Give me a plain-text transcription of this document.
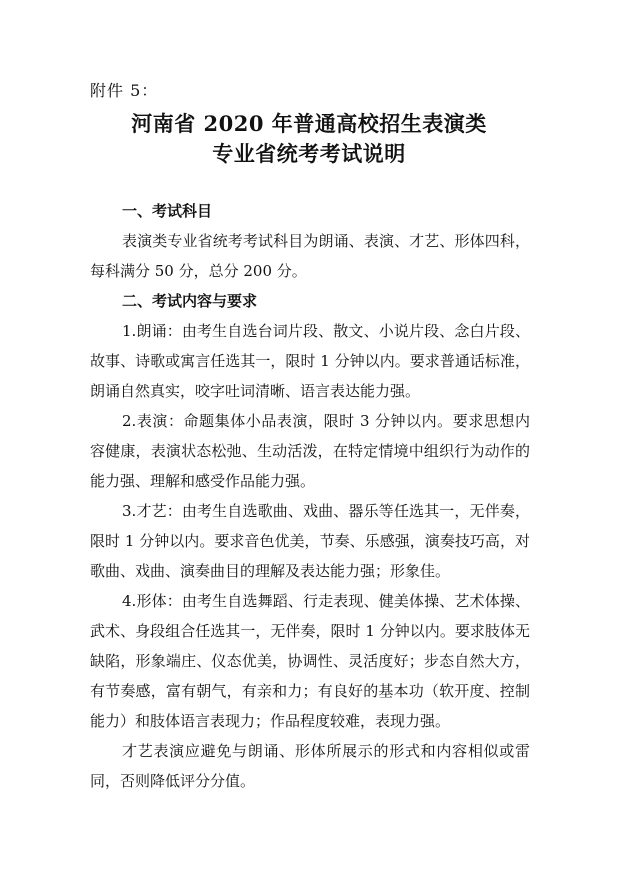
附件 5：
河南省 2020 年普通高校招生表演类
专业省统考考试说明

一、考试科目

表演类专业省统考考试科目为朗诵、表演、才艺、形体四科，每科满分 50 分，总分 200 分。

二、考试内容与要求

1.朗诵：由考生自选台词片段、散文、小说片段、念白片段、故事、诗歌或寓言任选其一，限时 1 分钟以内。要求普通话标准，朗诵自然真实，咬字吐词清晰、语言表达能力强。

2.表演：命题集体小品表演，限时 3 分钟以内。要求思想内容健康，表演状态松弛、生动活泼，在特定情境中组织行为动作的能力强、理解和感受作品能力强。

3.才艺：由考生自选歌曲、戏曲、器乐等任选其一，无伴奏，限时 1 分钟以内。要求音色优美，节奏、乐感强，演奏技巧高，对歌曲、戏曲、演奏曲目的理解及表达能力强；形象佳。

4.形体：由考生自选舞蹈、行走表现、健美体操、艺术体操、武术、身段组合任选其一，无伴奏，限时 1 分钟以内。要求肢体无缺陷，形象端庄、仪态优美，协调性、灵活度好；步态自然大方，有节奏感，富有朝气，有亲和力；有良好的基本功（软开度、控制能力）和肢体语言表现力；作品程度较难，表现力强。

才艺表演应避免与朗诵、形体所展示的形式和内容相似或雷同，否则降低评分分值。
